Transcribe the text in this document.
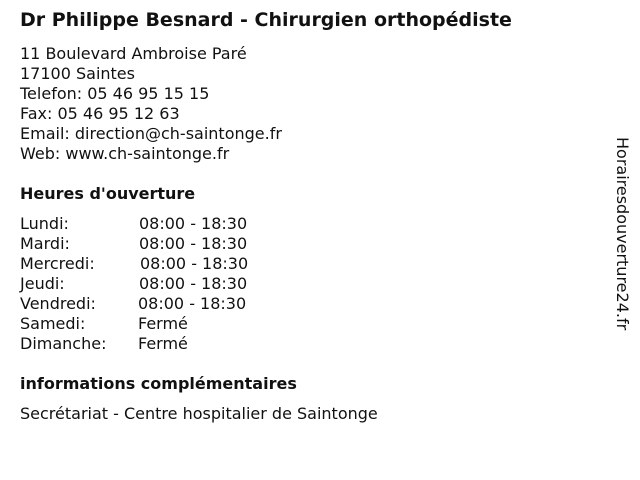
Dr Philippe Besnard - Chirurgien orthopédiste
11 Boulevard Ambroise Paré
17100 Saintes
Telefon: 05 46 95 15 15
Fax: 05 46 95 12 63
Email: direction@ch-saintonge.fr
Web: www.ch-saintonge.fr
Heures d'ouverture
Lundi:	08:00 - 18:30
Mardi:	08:00 - 18:30
Mercredi:	08:00 - 18:30
Jeudi:	08:00 - 18:30
Vendredi:	08:00 - 18:30
Samedi:	Fermé
Dimanche: Fermé
informations complémentaires
Secrétariat - Centre hospitalier de Saintonge
Horairesdouverture24.fr
